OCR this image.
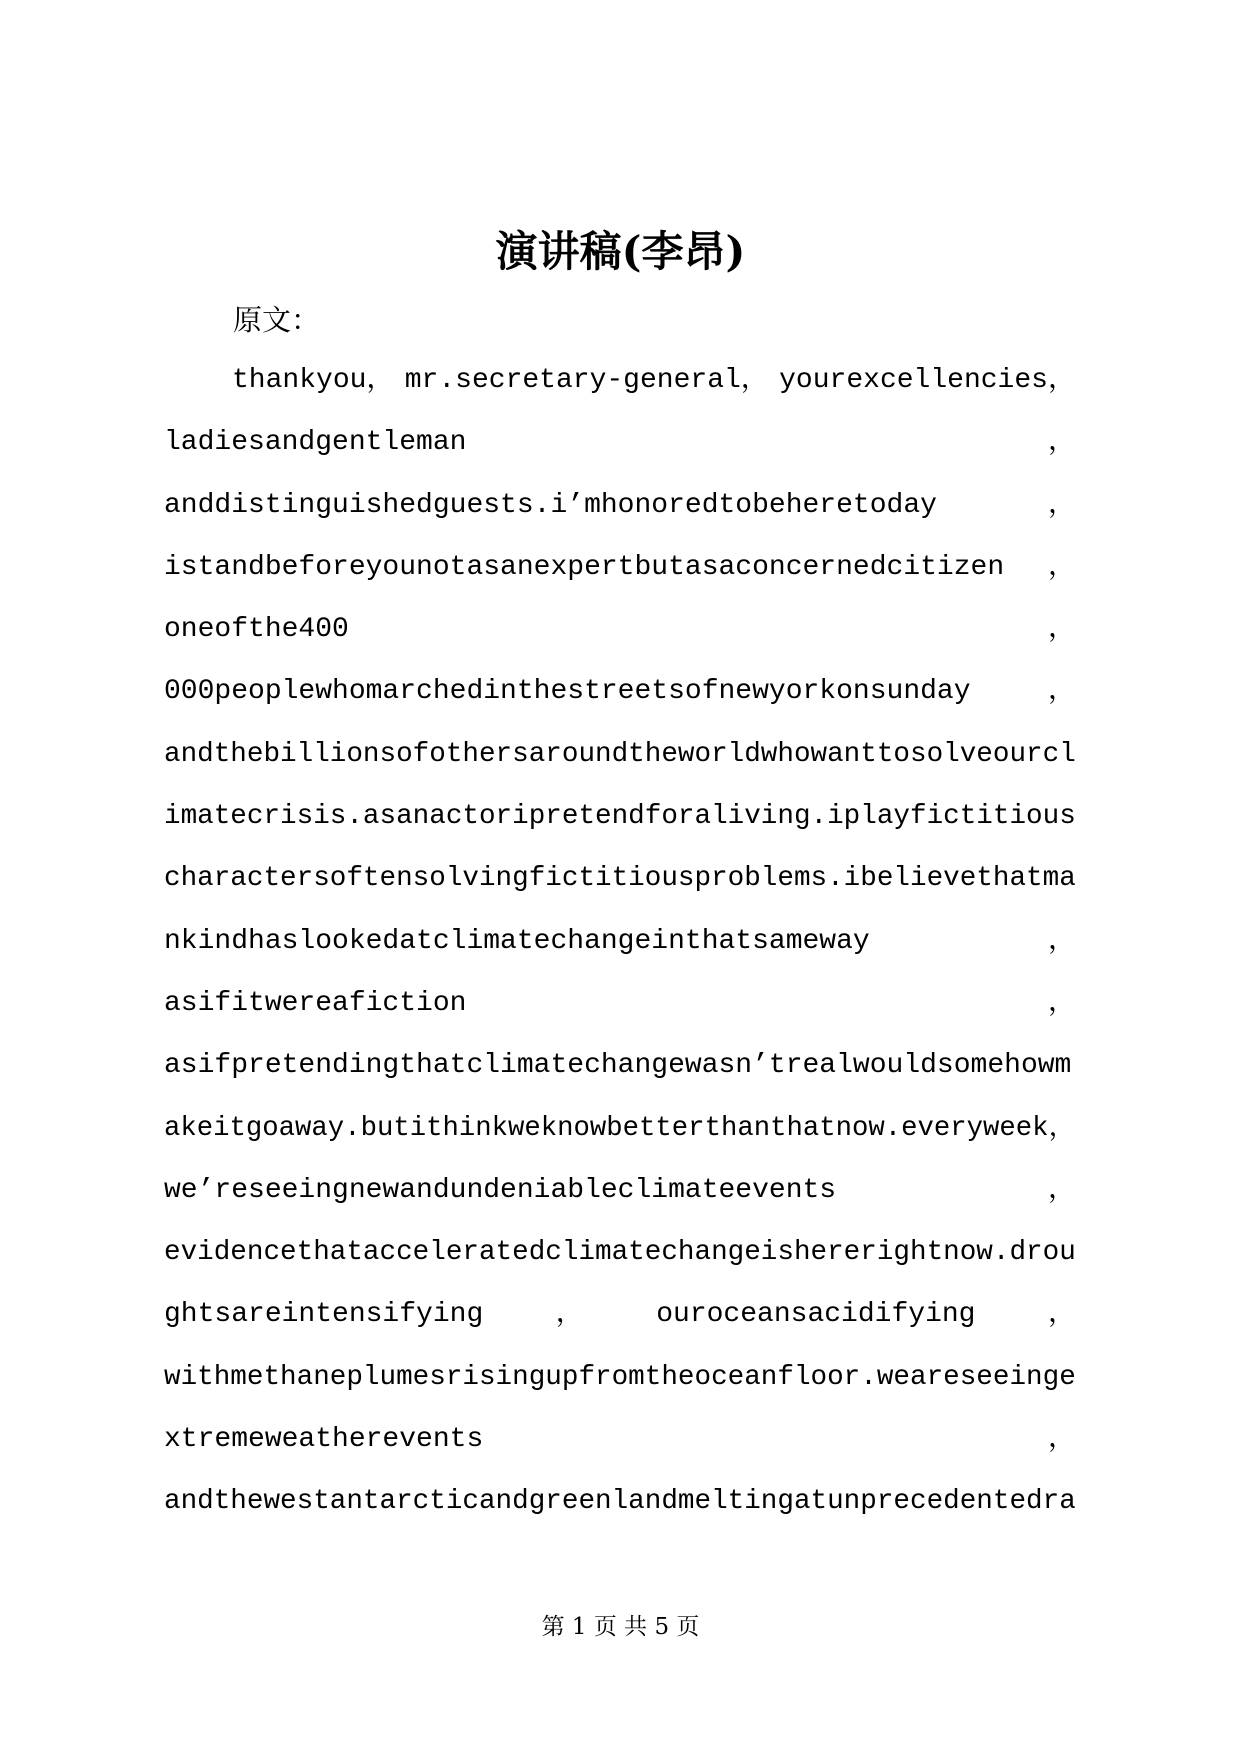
演讲稿(李昂)
原文：
thankyou， mr.secretary-general， yourexcellencies，
ladiesandgentleman	，
anddistinguishedguests.i’mhonoredtobeheretoday	，
istandbeforeyounotasanexpertbutasaconcernedcitizen ，
oneofthe400	，
000peoplewhomarchedinthestreetsofnewyorkonsunday	，
andthebillionsofothersaroundtheworldwhowanttosolveourcl
imatecrisis.asanactoripretendforaliving.iplayfictitious
charactersoftensolvingfictitiousproblems.ibelievethatma
nkindhaslookedatclimatechangeinthatsameway	，
asifitwereafiction	，
asifpretendingthatclimatechangewasn’trealwouldsomehowm
akeitgoaway.butithinkweknowbetterthanthatnow.everyweek，
we’reseeingnewandundeniableclimateevents	，
evidencethatacceleratedclimatechangeishererightnow.drou
ghtsareintensifying	，	ouroceansacidifying	，
withmethaneplumesrisingupfromtheoceanfloor.weareseeinge
xtremeweatherevents	，
andthewestantarcticandgreenlandmeltingatunprecedentedra
第 1 页 共 5 页
